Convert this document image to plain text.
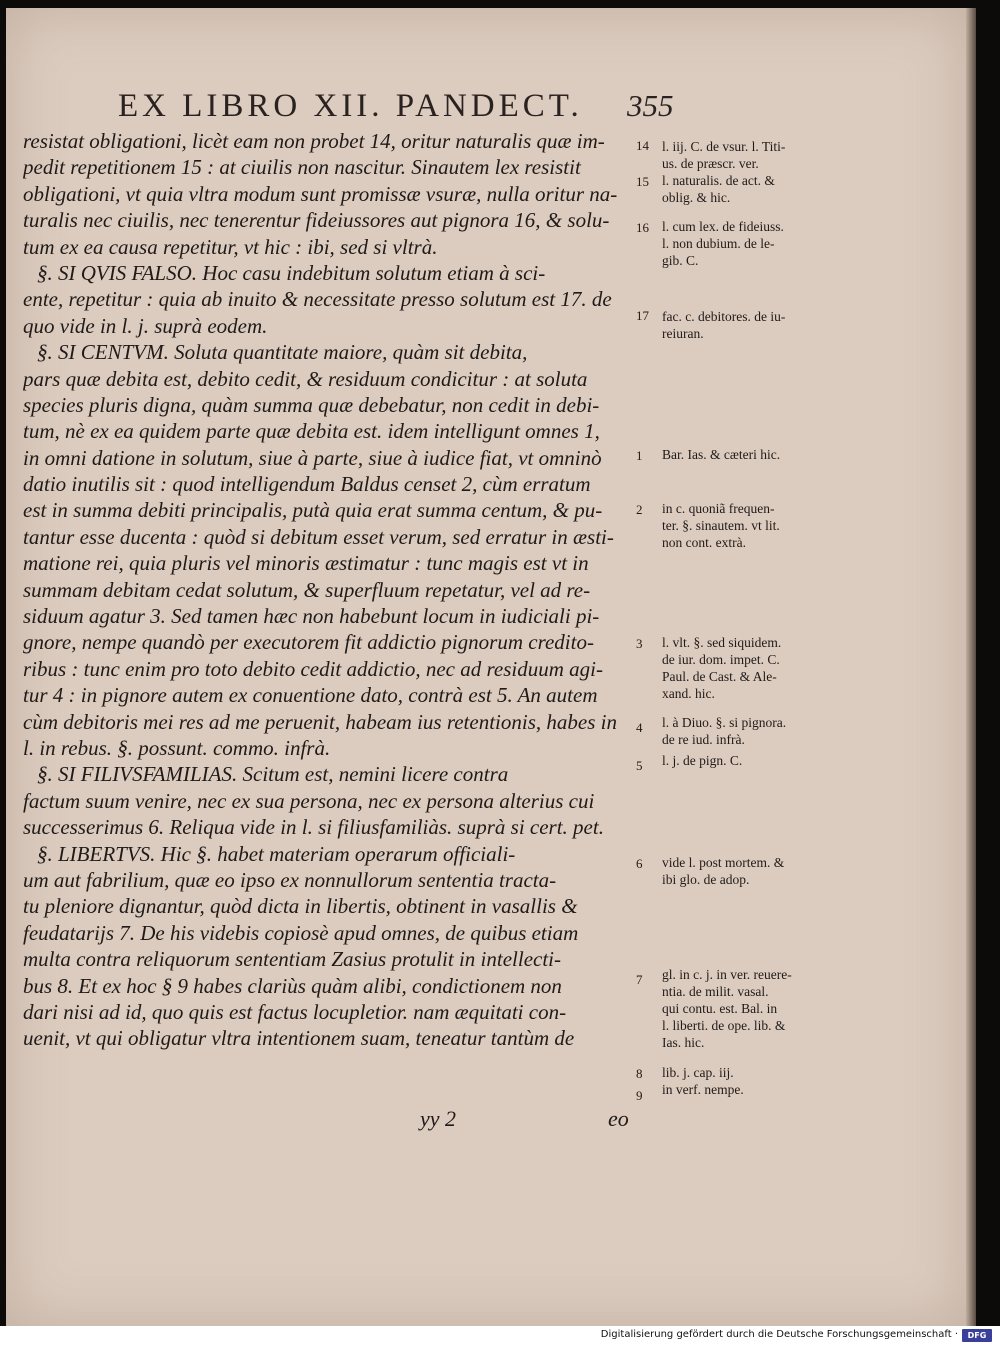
EX LIBRO XII. PANDECT. 355
resistat obligationi, licèt eam non probet 14, oritur naturalis quæ im-
pedit repetitionem 15 : at ciuilis non nascitur. Sinautem lex resistit
obligationi, vt quia vltra modum sunt promissæ vsuræ, nulla oritur na-
turalis nec ciuilis, nec tenerentur fideiussores aut pignora 16, & solu-
tum ex ea causa repetitur, vt hic : ibi, sed si vltrà.
§. SI QVIS FALSO. Hoc casu indebitum solutum etiam à sci-
ente, repetitur : quia ab inuito & necessitate presso solutum est 17. de
quo vide in l. j. suprà eodem.
§. SI CENTVM. Soluta quantitate maiore, quàm sit debita,
pars quæ debita est, debito cedit, & residuum condicitur : at soluta
species pluris digna, quàm summa quæ debebatur, non cedit in debi-
tum, nè ex ea quidem parte quæ debita est. idem intelligunt omnes 1,
in omni datione in solutum, siue à parte, siue à iudice fiat, vt omninò
datio inutilis sit : quod intelligendum Baldus censet 2, cùm erratum
est in summa debiti principalis, putà quia erat summa centum, & pu-
tantur esse ducenta : quòd si debitum esset verum, sed erratur in æsti-
matione rei, quia pluris vel minoris æstimatur : tunc magis est vt in
summam debitam cedat solutum, & superfluum repetatur, vel ad re-
siduum agatur 3. Sed tamen hæc non habebunt locum in iudiciali pi-
gnore, nempe quandò per executorem fit addictio pignorum credito-
ribus : tunc enim pro toto debito cedit addictio, nec ad residuum agi-
tur 4 : in pignore autem ex conuentione dato, contrà est 5. An autem
cùm debitoris mei res ad me peruenit, habeam ius retentionis, habes in
l. in rebus. §. possunt. commo. infrà.
§. SI FILIVSFAMILIAS. Scitum est, nemini licere contra
factum suum venire, nec ex sua persona, nec ex persona alterius cui
successerimus 6. Reliqua vide in l. si filiusfamiliàs. suprà si cert. pet.
§. LIBERTVS. Hic §. habet materiam operarum officiali-
um aut fabrilium, quæ eo ipso ex nonnullorum sententia tracta-
tu pleniore dignantur, quòd dicta in libertis, obtinent in vasallis &
feudatarijs 7. De his videbis copiosè apud omnes, de quibus etiam
multa contra reliquorum sententiam Zasius protulit in intellecti-
bus 8. Et ex hoc § 9 habes clariùs quàm alibi, condictionem non
dari nisi ad id, quo quis est factus locupletior. nam æquitati con-
uenit, vt qui obligatur vltra intentionem suam, teneatur tantùm de
yy 2	eo
14
15
16
17
1
2
3
4
5
6
7
8
9
l. iij. C. de vsur. l. Titi-
us. de præscr. ver.
l. naturalis. de act. &
oblig. & hic.
l. cum lex. de fideiuss.
l. non dubium. de le-
gib. C.
fac. c. debitores. de iu-
reiuran.
Bar. Ias. & cæteri hic.
in c. quoniã frequen-
ter. §. sinautem. vt lit.
non cont. extrà.
l. vlt. §. sed siquidem.
de iur. dom. impet. C.
Paul. de Cast. & Ale-
xand. hic.
l. à Diuo. §. si pignora.
de re iud. infrà.
l. j. de pign. C.
vide l. post mortem. &
ibi glo. de adop.
gl. in c. j. in ver. reuere-
ntia. de milit. vasal.
qui contu. est. Bal. in
l. liberti. de ope. lib. &
Ias. hic.
lib. j. cap. iij.
in verf. nempe.
Digitalisierung gefördert durch die Deutsche Forschungsgemeinschaft · DFG
